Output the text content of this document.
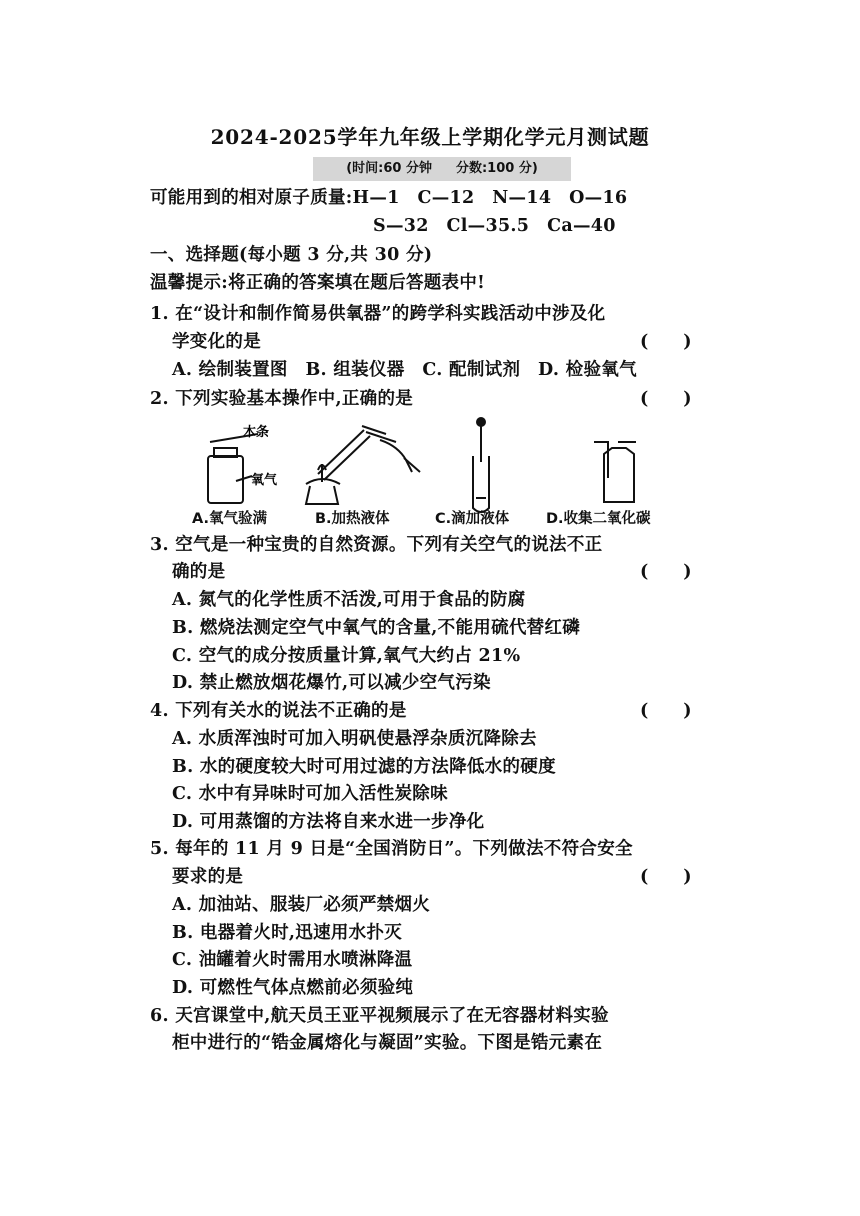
2024-2025学年九年级上学期化学元月测试题
(时间:60 分钟 分数:100 分)
可能用到的相对原子质量:H—1　C—12　N—14　O—16
S—32　Cl—35.5　Ca—40
一、选择题(每小题 3 分,共 30 分)
温馨提示:将正确的答案填在题后答题表中!
1. 在“设计和制作简易供氧器”的跨学科实践活动中涉及化
学变化的是	(　　)
A. 绘制装置图　B. 组装仪器　C. 配制试剂　D. 检验氧气
2. 下列实验基本操作中,正确的是	(　　)
木条
氧气
A.氧气验满	B.加热液体	C.滴加液体	D.收集二氧化碳
3. 空气是一种宝贵的自然资源。下列有关空气的说法不正
确的是	(　　)
A. 氮气的化学性质不活泼,可用于食品的防腐
B. 燃烧法测定空气中氧气的含量,不能用硫代替红磷
C. 空气的成分按质量计算,氧气大约占 21%
D. 禁止燃放烟花爆竹,可以减少空气污染
4. 下列有关水的说法不正确的是	(　　)
A. 水质浑浊时可加入明矾使悬浮杂质沉降除去
B. 水的硬度较大时可用过滤的方法降低水的硬度
C. 水中有异味时可加入活性炭除味
D. 可用蒸馏的方法将自来水进一步净化
5. 每年的 11 月 9 日是“全国消防日”。下列做法不符合安全
要求的是	(　　)
A. 加油站、服装厂必须严禁烟火
B. 电器着火时,迅速用水扑灭
C. 油罐着火时需用水喷淋降温
D. 可燃性气体点燃前必须验纯
6. 天宫课堂中,航天员王亚平视频展示了在无容器材料实验
柜中进行的“锆金属熔化与凝固”实验。下图是锆元素在
